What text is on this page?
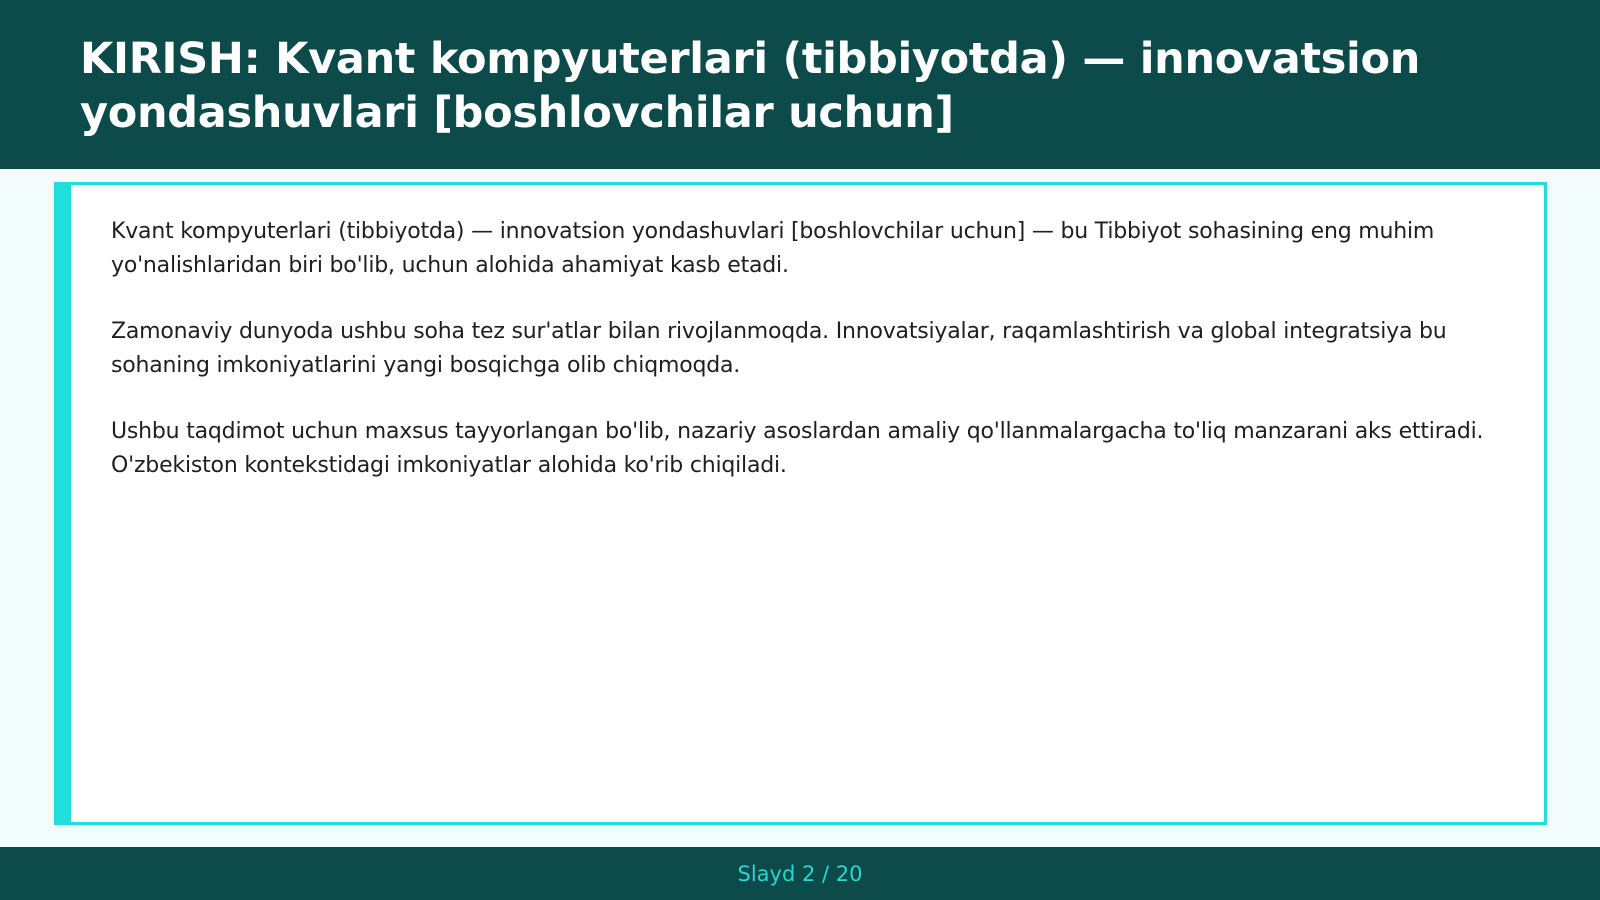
KIRISH: Kvant kompyuterlari (tibbiyotda) — innovatsion yondashuvlari [boshlovchilar uchun]

Kvant kompyuterlari (tibbiyotda) — innovatsion yondashuvlari [boshlovchilar uchun] — bu Tibbiyot sohasining eng muhim yo'nalishlaridan biri bo'lib, uchun alohida ahamiyat kasb etadi.

Zamonaviy dunyoda ushbu soha tez sur'atlar bilan rivojlanmoqda. Innovatsiyalar, raqamlashtirish va global integratsiya bu sohaning imkoniyatlarini yangi bosqichga olib chiqmoqda.

Ushbu taqdimot uchun maxsus tayyorlangan bo'lib, nazariy asoslardan amaliy qo'llanmalargacha to'liq manzarani aks ettiradi. O'zbekiston kontekstidagi imkoniyatlar alohida ko'rib chiqiladi.

Slayd 2 / 20
